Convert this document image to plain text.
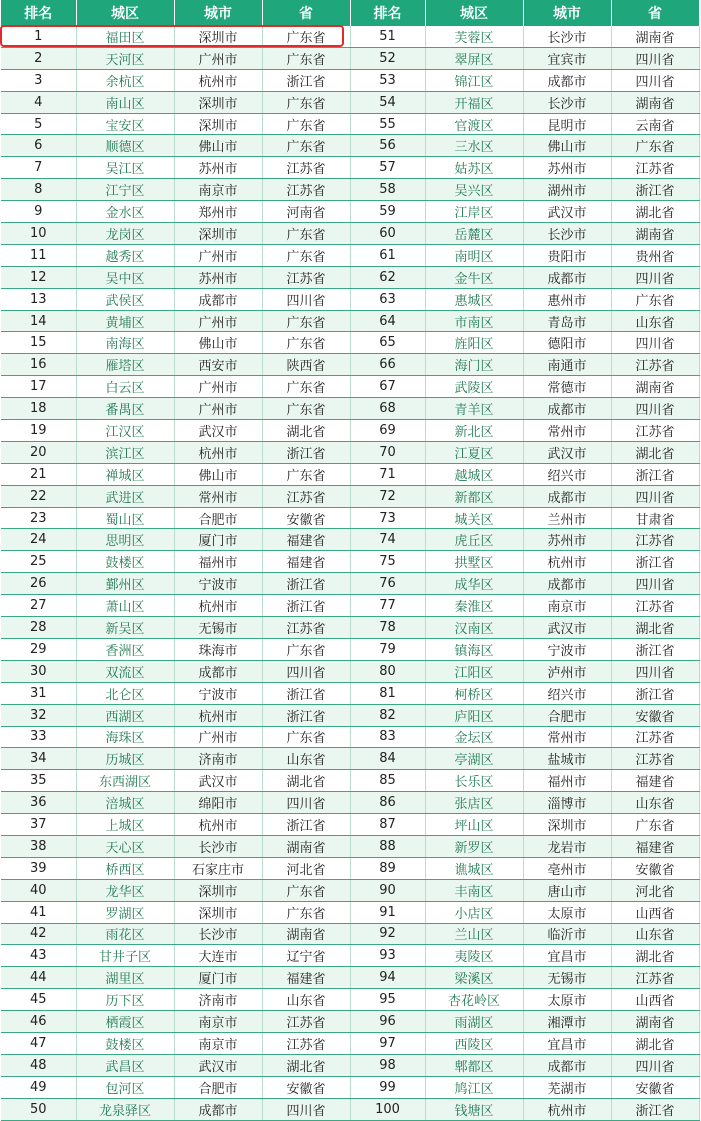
排名	城区	城市	省	排名	城区	城市	省
1	福田区	深圳市	广东省	51	芙蓉区	长沙市	湖南省
2	天河区	广州市	广东省	52	翠屏区	宜宾市	四川省
3	余杭区	杭州市	浙江省	53	锦江区	成都市	四川省
4	南山区	深圳市	广东省	54	开福区	长沙市	湖南省
5	宝安区	深圳市	广东省	55	官渡区	昆明市	云南省
6	顺德区	佛山市	广东省	56	三水区	佛山市	广东省
7	吴江区	苏州市	江苏省	57	姑苏区	苏州市	江苏省
8	江宁区	南京市	江苏省	58	吴兴区	湖州市	浙江省
9	金水区	郑州市	河南省	59	江岸区	武汉市	湖北省
10	龙岗区	深圳市	广东省	60	岳麓区	长沙市	湖南省
11	越秀区	广州市	广东省	61	南明区	贵阳市	贵州省
12	吴中区	苏州市	江苏省	62	金牛区	成都市	四川省
13	武侯区	成都市	四川省	63	惠城区	惠州市	广东省
14	黄埔区	广州市	广东省	64	市南区	青岛市	山东省
15	南海区	佛山市	广东省	65	旌阳区	德阳市	四川省
16	雁塔区	西安市	陕西省	66	海门区	南通市	江苏省
17	白云区	广州市	广东省	67	武陵区	常德市	湖南省
18	番禺区	广州市	广东省	68	青羊区	成都市	四川省
19	江汉区	武汉市	湖北省	69	新北区	常州市	江苏省
20	滨江区	杭州市	浙江省	70	江夏区	武汉市	湖北省
21	禅城区	佛山市	广东省	71	越城区	绍兴市	浙江省
22	武进区	常州市	江苏省	72	新都区	成都市	四川省
23	蜀山区	合肥市	安徽省	73	城关区	兰州市	甘肃省
24	思明区	厦门市	福建省	74	虎丘区	苏州市	江苏省
25	鼓楼区	福州市	福建省	75	拱墅区	杭州市	浙江省
26	鄞州区	宁波市	浙江省	76	成华区	成都市	四川省
27	萧山区	杭州市	浙江省	77	秦淮区	南京市	江苏省
28	新吴区	无锡市	江苏省	78	汉南区	武汉市	湖北省
29	香洲区	珠海市	广东省	79	镇海区	宁波市	浙江省
30	双流区	成都市	四川省	80	江阳区	泸州市	四川省
31	北仑区	宁波市	浙江省	81	柯桥区	绍兴市	浙江省
32	西湖区	杭州市	浙江省	82	庐阳区	合肥市	安徽省
33	海珠区	广州市	广东省	83	金坛区	常州市	江苏省
34	历城区	济南市	山东省	84	亭湖区	盐城市	江苏省
35	东西湖区	武汉市	湖北省	85	长乐区	福州市	福建省
36	涪城区	绵阳市	四川省	86	张店区	淄博市	山东省
37	上城区	杭州市	浙江省	87	坪山区	深圳市	广东省
38	天心区	长沙市	湖南省	88	新罗区	龙岩市	福建省
39	桥西区	石家庄市	河北省	89	谯城区	亳州市	安徽省
40	龙华区	深圳市	广东省	90	丰南区	唐山市	河北省
41	罗湖区	深圳市	广东省	91	小店区	太原市	山西省
42	雨花区	长沙市	湖南省	92	兰山区	临沂市	山东省
43	甘井子区	大连市	辽宁省	93	夷陵区	宜昌市	湖北省
44	湖里区	厦门市	福建省	94	梁溪区	无锡市	江苏省
45	历下区	济南市	山东省	95	杏花岭区	太原市	山西省
46	栖霞区	南京市	江苏省	96	雨湖区	湘潭市	湖南省
47	鼓楼区	南京市	江苏省	97	西陵区	宜昌市	湖北省
48	武昌区	武汉市	湖北省	98	郫都区	成都市	四川省
49	包河区	合肥市	安徽省	99	鸠江区	芜湖市	安徽省
50	龙泉驿区	成都市	四川省	100	钱塘区	杭州市	浙江省
